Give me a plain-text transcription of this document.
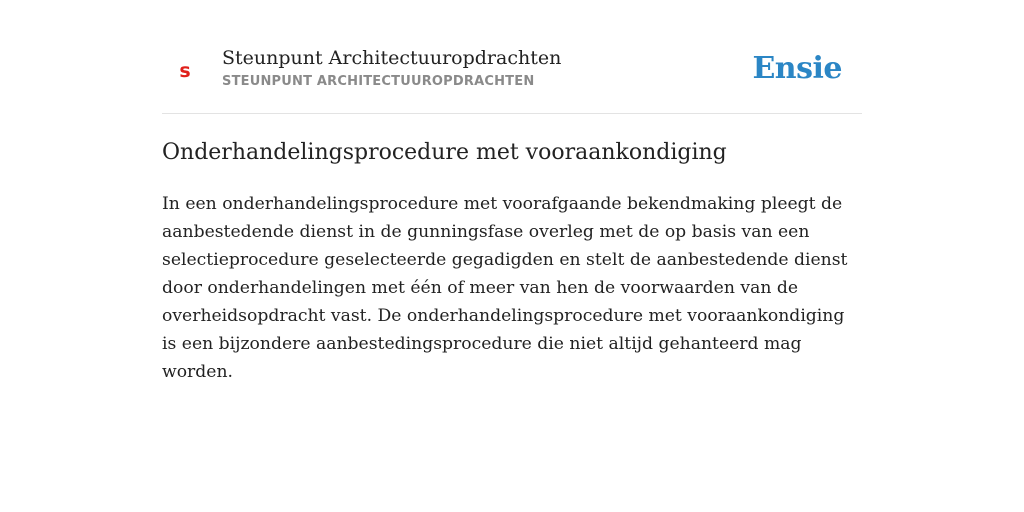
s
Steunpunt Architectuuropdrachten
STEUNPUNT ARCHITECTUUROPDRACHTEN	Ensie
Onderhandelingsprocedure met vooraankondiging

In een onderhandelingsprocedure met voorafgaande bekendmaking pleegt de aanbestedende dienst in de gunningsfase overleg met de op basis van een selectieprocedure geselecteerde gegadigden en stelt de aanbestedende dienst door onderhandelingen met één of meer van hen de voorwaarden van de overheidsopdracht vast. De onderhandelingsprocedure met vooraankondiging is een bijzondere aanbestedingsprocedure die niet altijd gehanteerd mag worden.
